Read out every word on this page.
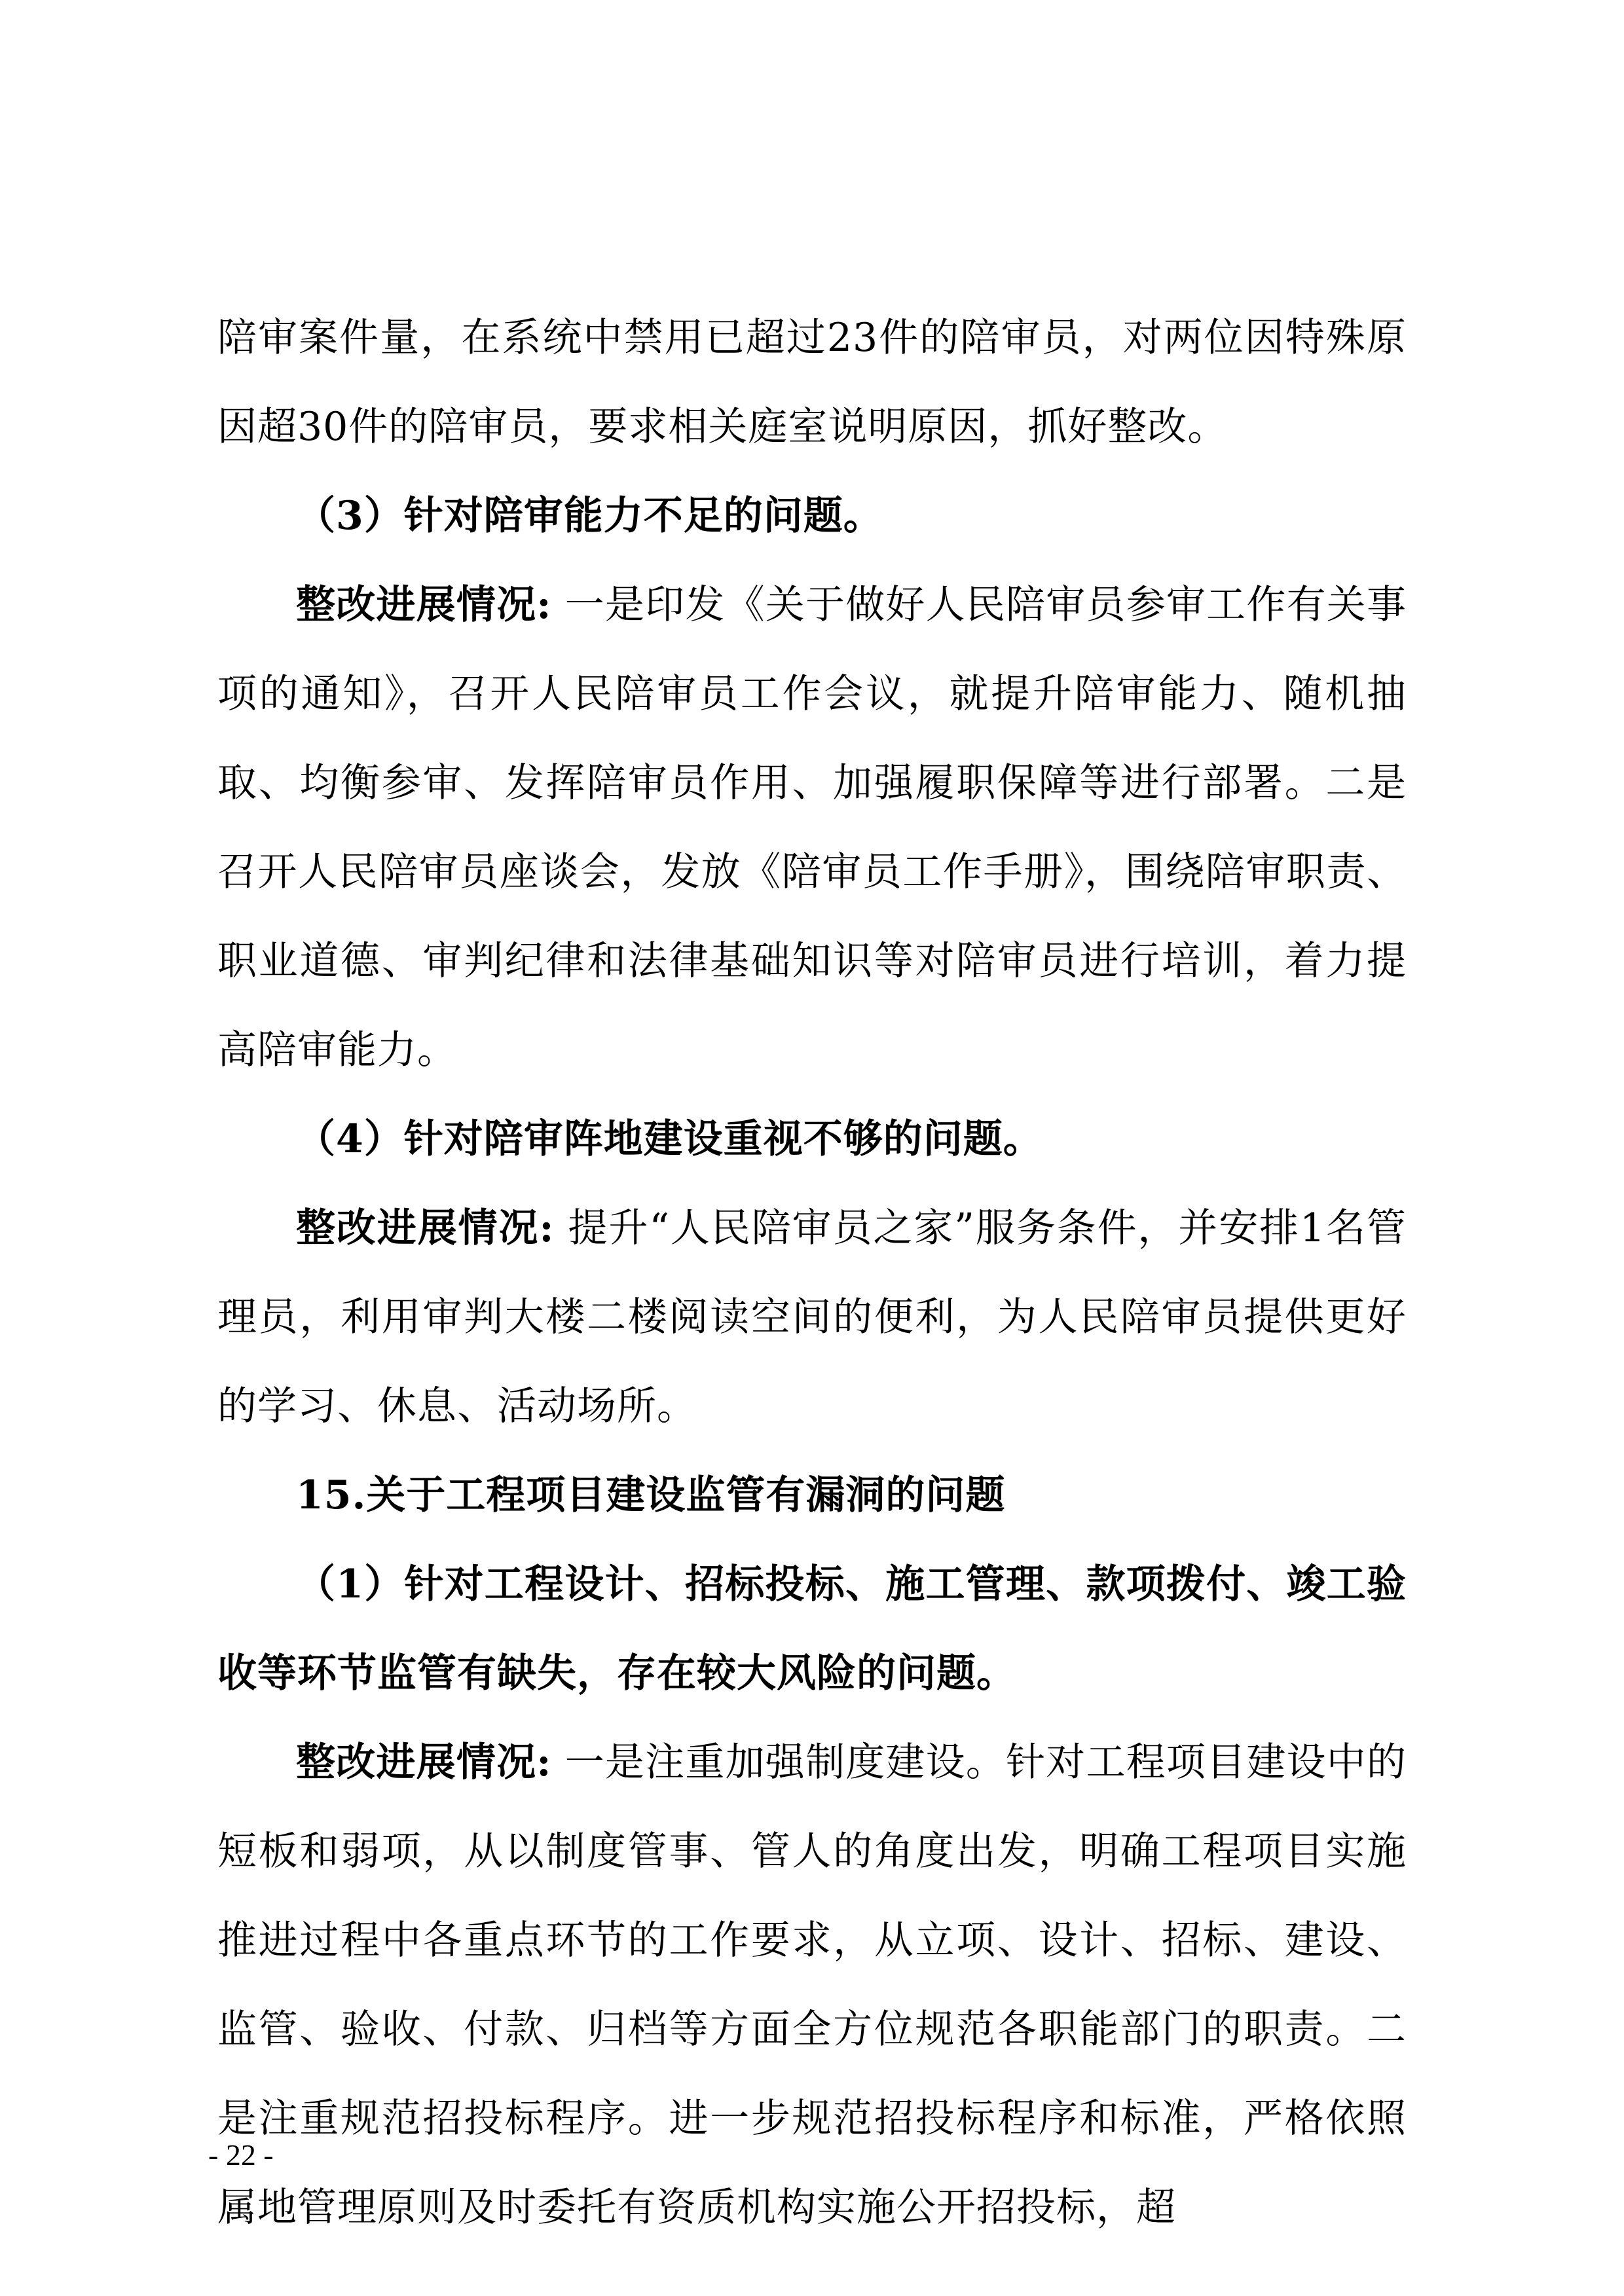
陪审案件量，在系统中禁用已超过23件的陪审员，对两位因特殊原因超30件的陪审员，要求相关庭室说明原因，抓好整改。

（3）针对陪审能力不足的问题。

整改进展情况: 一是印发《关于做好人民陪审员参审工作有关事项的通知》，召开人民陪审员工作会议，就提升陪审能力、随机抽取、均衡参审、发挥陪审员作用、加强履职保障等进行部署。二是召开人民陪审员座谈会，发放《陪审员工作手册》，围绕陪审职责、职业道德、审判纪律和法律基础知识等对陪审员进行培训，着力提高陪审能力。

（4）针对陪审阵地建设重视不够的问题。

整改进展情况: 提升“人民陪审员之家”服务条件，并安排1名管理员，利用审判大楼二楼阅读空间的便利，为人民陪审员提供更好的学习、休息、活动场所。

15.关于工程项目建设监管有漏洞的问题

（1）针对工程设计、招标投标、施工管理、款项拨付、竣工验收等环节监管有缺失，存在较大风险的问题。

整改进展情况: 一是注重加强制度建设。针对工程项目建设中的短板和弱项，从以制度管事、管人的角度出发，明确工程项目实施推进过程中各重点环节的工作要求，从立项、设计、招标、建设、监管、验收、付款、归档等方面全方位规范各职能部门的职责。二是注重规范招投标程序。进一步规范招投标程序和标准，严格依照属地管理原则及时委托有资质机构实施公开招投标，超

- 22 -
